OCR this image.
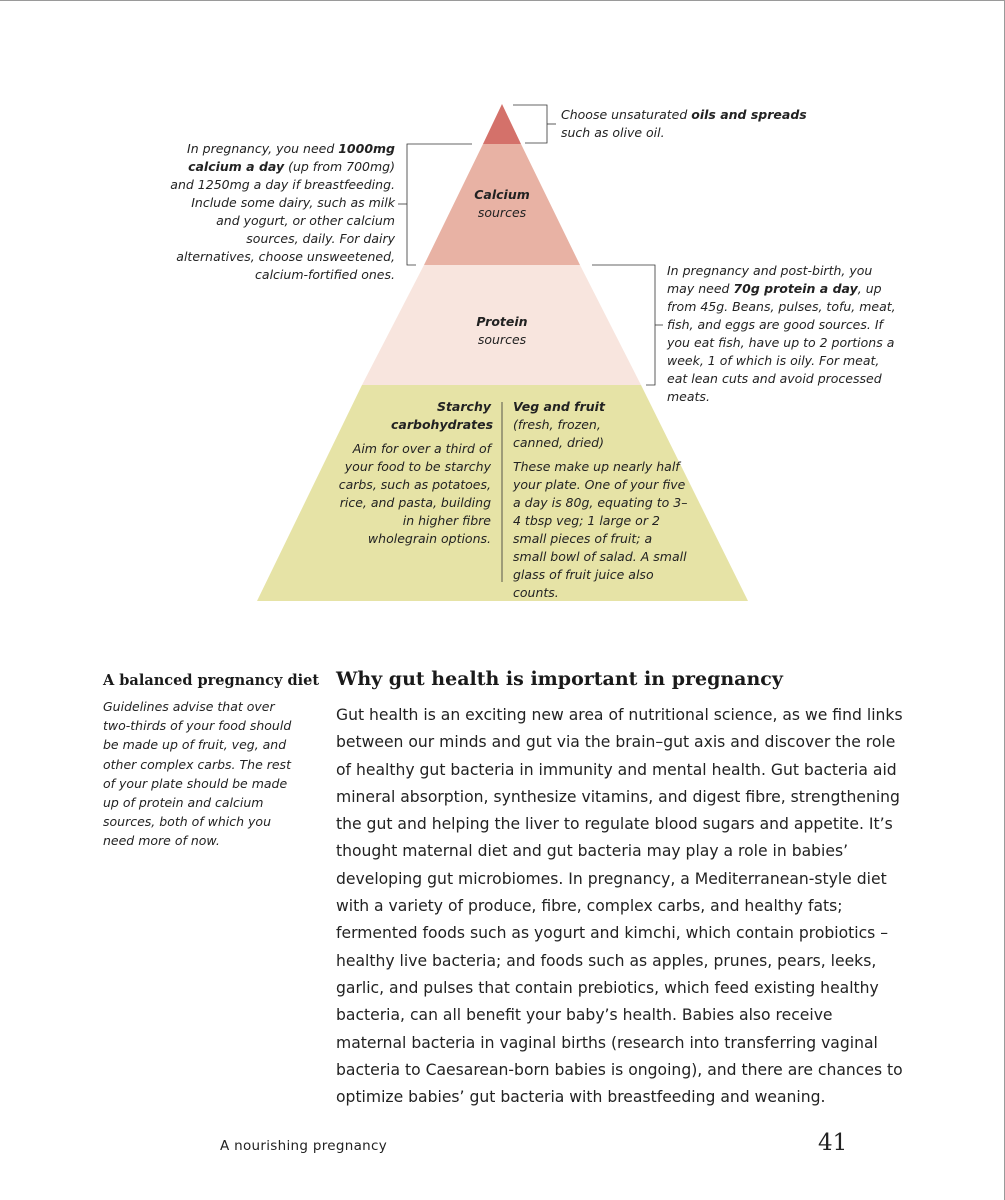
Choose unsaturated oils and spreads
such as olive oil.
Calcium
sources
In pregnancy, you need 1000mg calcium a day (up from 700mg) and 1250mg a day if breastfeeding. Include some dairy, such as milk and yogurt, or other calcium sources, daily. For dairy alternatives, choose unsweetened, calcium-fortified ones.
Protein
sources
In pregnancy and post-birth, you may need 70g protein a day, up from 45g. Beans, pulses, tofu, meat, fish, and eggs are good sources. If you eat fish, have up to 2 portions a week, 1 of which is oily. For meat, eat lean cuts and avoid processed meats.
Starchy carbohydrates
Aim for over a third of your food to be starchy carbs, such as potatoes, rice, and pasta, building in higher fibre wholegrain options.
Veg and fruit
(fresh, frozen, canned, dried)
These make up nearly half your plate. One of your five a day is 80g, equating to 3–4 tbsp veg; 1 large or 2 small pieces of fruit; a small bowl of salad. A small glass of fruit juice also counts.
A balanced pregnancy diet
Guidelines advise that over two-thirds of your food should be made up of fruit, veg, and other complex carbs. The rest of your plate should be made up of protein and calcium sources, both of which you need more of now.
Why gut health is important in pregnancy
Gut health is an exciting new area of nutritional science, as we find links between our minds and gut via the brain–gut axis and discover the role of healthy gut bacteria in immunity and mental health. Gut bacteria aid mineral absorption, synthesize vitamins, and digest fibre, strengthening the gut and helping the liver to regulate blood sugars and appetite. It’s thought maternal diet and gut bacteria may play a role in babies’ developing gut microbiomes. In pregnancy, a Mediterranean-style diet with a variety of produce, fibre, complex carbs, and healthy fats; fermented foods such as yogurt and kimchi, which contain probiotics – healthy live bacteria; and foods such as apples, prunes, pears, leeks, garlic, and pulses that contain prebiotics, which feed existing healthy bacteria, can all benefit your baby’s health. Babies also receive maternal bacteria in vaginal births (research into transferring vaginal bacteria to Caesarean-born babies is ongoing), and there are chances to optimize babies’ gut bacteria with breastfeeding and weaning.
A nourishing pregnancy	41
